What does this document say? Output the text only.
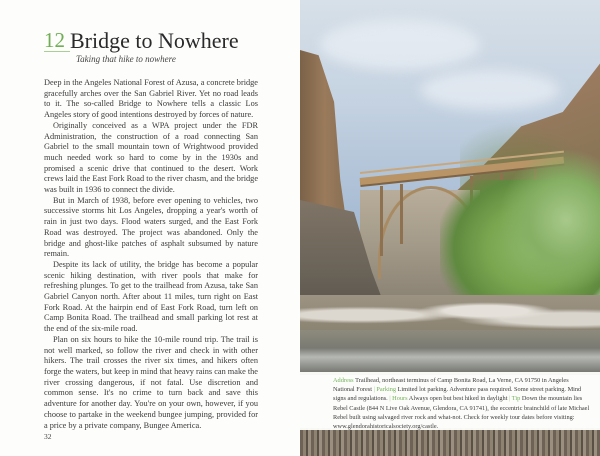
12 Bridge to Nowhere
Taking that hike to nowhere

Deep in the Angeles National Forest of Azusa, a concrete bridge gracefully arches over the San Gabriel River. Yet no road leads to it. The so-called Bridge to Nowhere tells a classic Los Angeles story of good intentions destroyed by forces of nature.

Originally conceived as a WPA project under the FDR Administration, the construction of a road connecting San Gabriel to the small mountain town of Wrightwood provided much needed work so hard to come by in the 1930s and promised a scenic drive that continued to the desert. Work crews laid the East Fork Road to the river chasm, and the bridge was built in 1936 to connect the divide.

But in March of 1938, before ever opening to vehicles, two successive storms hit Los Angeles, dropping a year's worth of rain in just two days. Flood waters surged, and the East Fork Road was destroyed. The project was abandoned. Only the bridge and ghost-like patches of asphalt subsumed by nature remain.

Despite its lack of utility, the bridge has become a popular scenic hiking destination, with river pools that make for refreshing plunges. To get to the trailhead from Azusa, take San Gabriel Canyon north. After about 11 miles, turn right on East Fork Road. At the hairpin end of East Fork Road, turn left on Camp Bonita Road. The trailhead and small parking lot rest at the end of the six-mile road.

Plan on six hours to hike the 10-mile round trip. The trail is not well marked, so follow the river and check in with other hikers. The trail crosses the river six times, and hikers often forge the waters, but keep in mind that heavy rains can make the river crossing dangerous, if not fatal. Use discretion and common sense. It's no crime to turn back and save this adventure for another day. You're on your own, however, if you choose to partake in the weekend bungee jumping, provided for a price by a private company, Bungee America.

32
Address Trailhead, northeast terminus of Camp Bonita Road, La Verne, CA 91750 in Angeles National Forest | Parking Limited lot parking. Adventure pass required. Some street parking. Mind signs and regulations. | Hours Always open but best hiked in daylight | Tip Down the mountain lies Rebel Castle (844 N Live Oak Avenue, Glendora, CA 91741), the eccentric brainchild of late Michael Rebel built using salvaged river rock and what-not. Check for weekly tour dates before visiting: www.glendorahistoricalsociety.org/castle.
